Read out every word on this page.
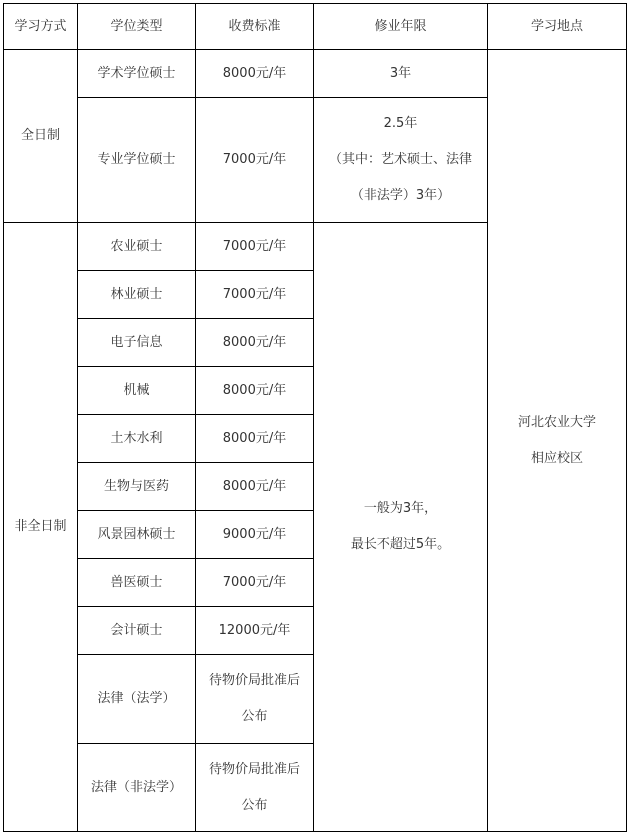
学习方式	学位类型	收费标准	修业年限	学习地点
全日制	学术学位硕士	8000元/年	3年	河北农业大学
相应校区

	专业学位硕士	7000元/年	2.5年
（其中：艺术硕士、法律
（非法学）3年）	

非全日制	农业硕士	7000元/年	一般为3年，
最长不超过5年。	

	林业硕士	7000元/年		
	电子信息	8000元/年		
	机械	8000元/年		
	土木水利	8000元/年		
	生物与医药	8000元/年		
	风景园林硕士	9000元/年		
	兽医硕士	7000元/年		
	会计硕士	12000元/年		
	法律（法学）	待物价局批准后
公布		

	法律（非法学）	待物价局批准后
公布		
